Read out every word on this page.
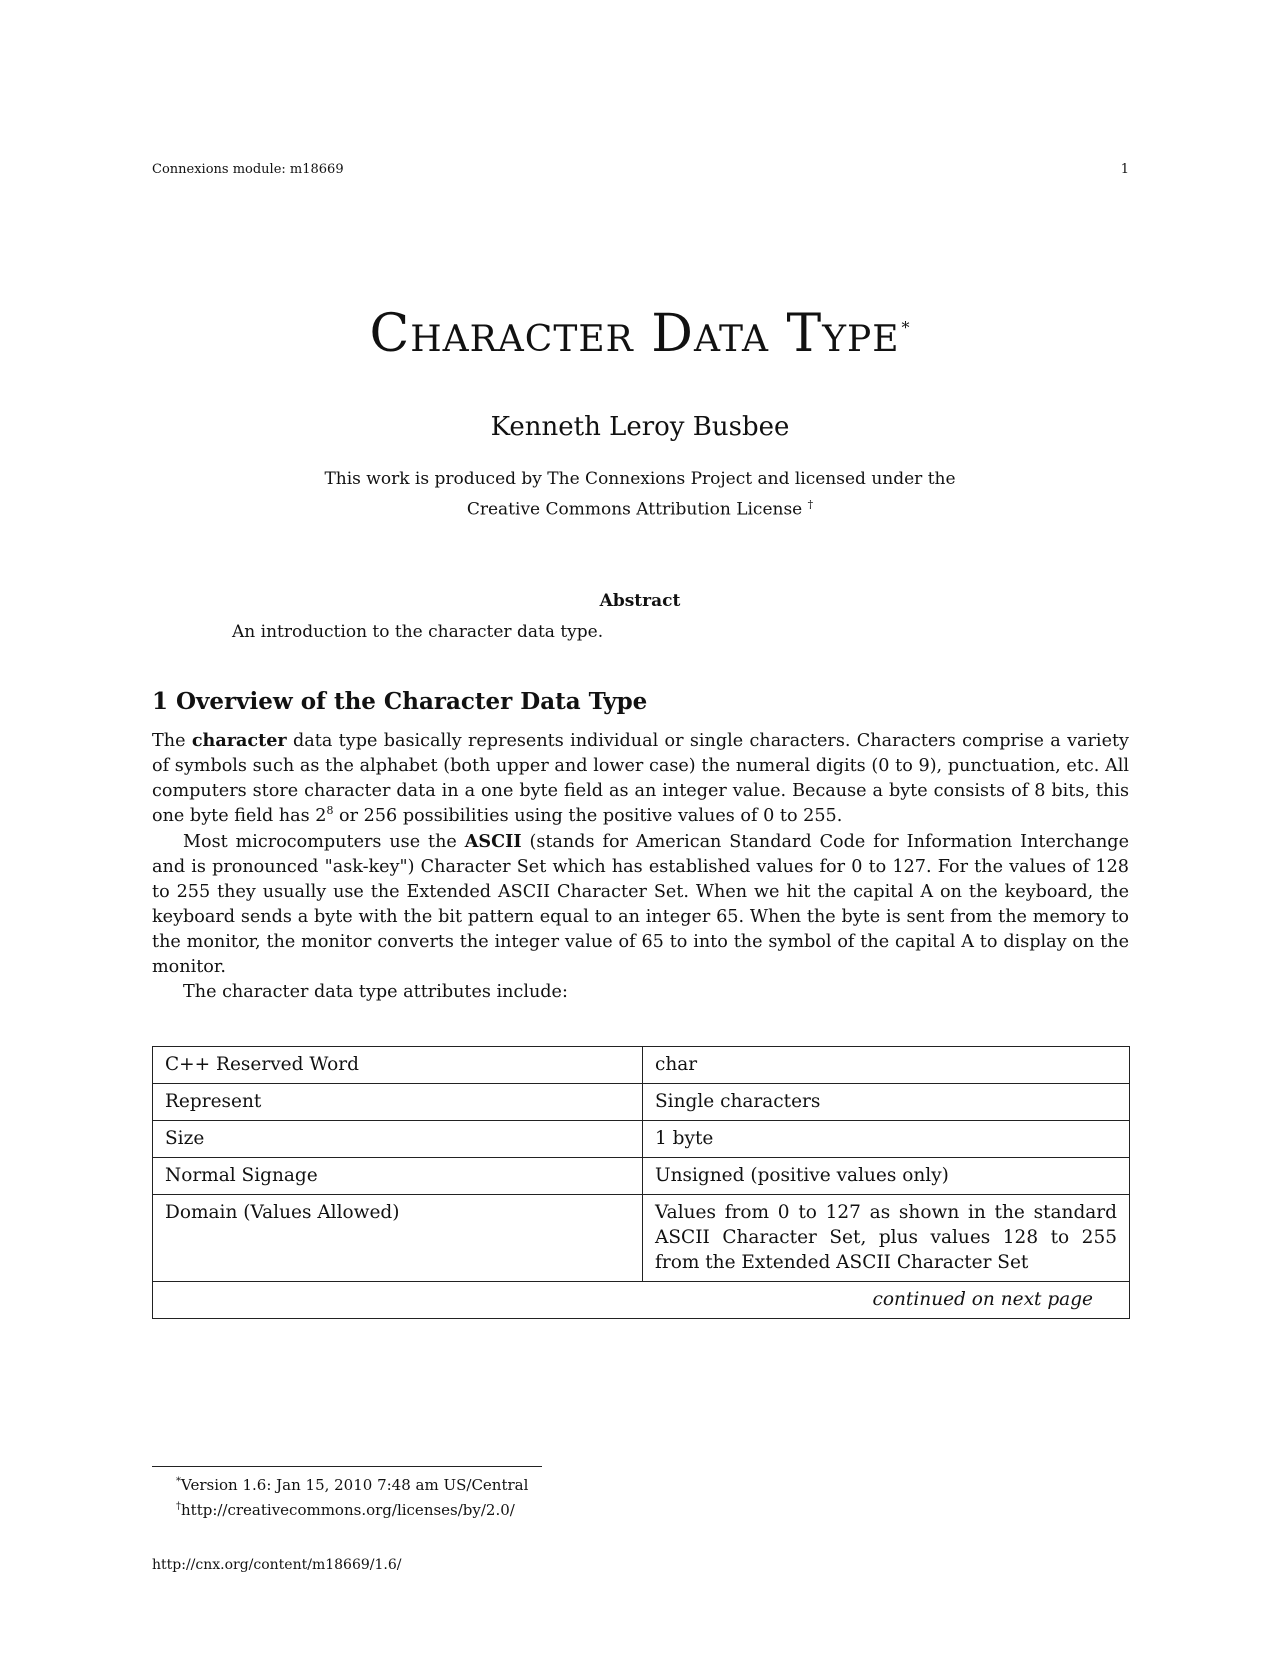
Connexions module: m18669	1
Character Data Type *
Kenneth Leroy Busbee
This work is produced by The Connexions Project and licensed under the
Creative Commons Attribution License †
Abstract
An introduction to the character data type.
1 Overview of the Character Data Type

The character data type basically represents individual or single characters. Characters comprise a variety of symbols such as the alphabet (both upper and lower case) the numeral digits (0 to 9), punctuation, etc. All computers store character data in a one byte field as an integer value. Because a byte consists of 8 bits, this one byte field has $2^8$ or 256 possibilities using the positive values of 0 to 255.

Most microcomputers use the ASCII (stands for American Standard Code for Information Interchange and is pronounced "ask-key") Character Set which has established values for 0 to 127. For the values of 128 to 255 they usually use the Extended ASCII Character Set. When we hit the capital A on the keyboard, the keyboard sends a byte with the bit pattern equal to an integer 65. When the byte is sent from the memory to the monitor, the monitor converts the integer value of 65 to into the symbol of the capital A to display on the monitor.

The character data type attributes include:

C++ Reserved Word	char
Represent	Single characters
Size	1 byte
Normal Signage	Unsigned (positive values only)
Domain (Values Allowed)	Values from 0 to 127 as shown in the standard ASCII Character Set, plus values 128 to 255 from the Extended ASCII Character Set
continued on next page	
*Version 1.6: Jan 15, 2010 7:48 am US/Central
†http://creativecommons.org/licenses/by/2.0/
http://cnx.org/content/m18669/1.6/
